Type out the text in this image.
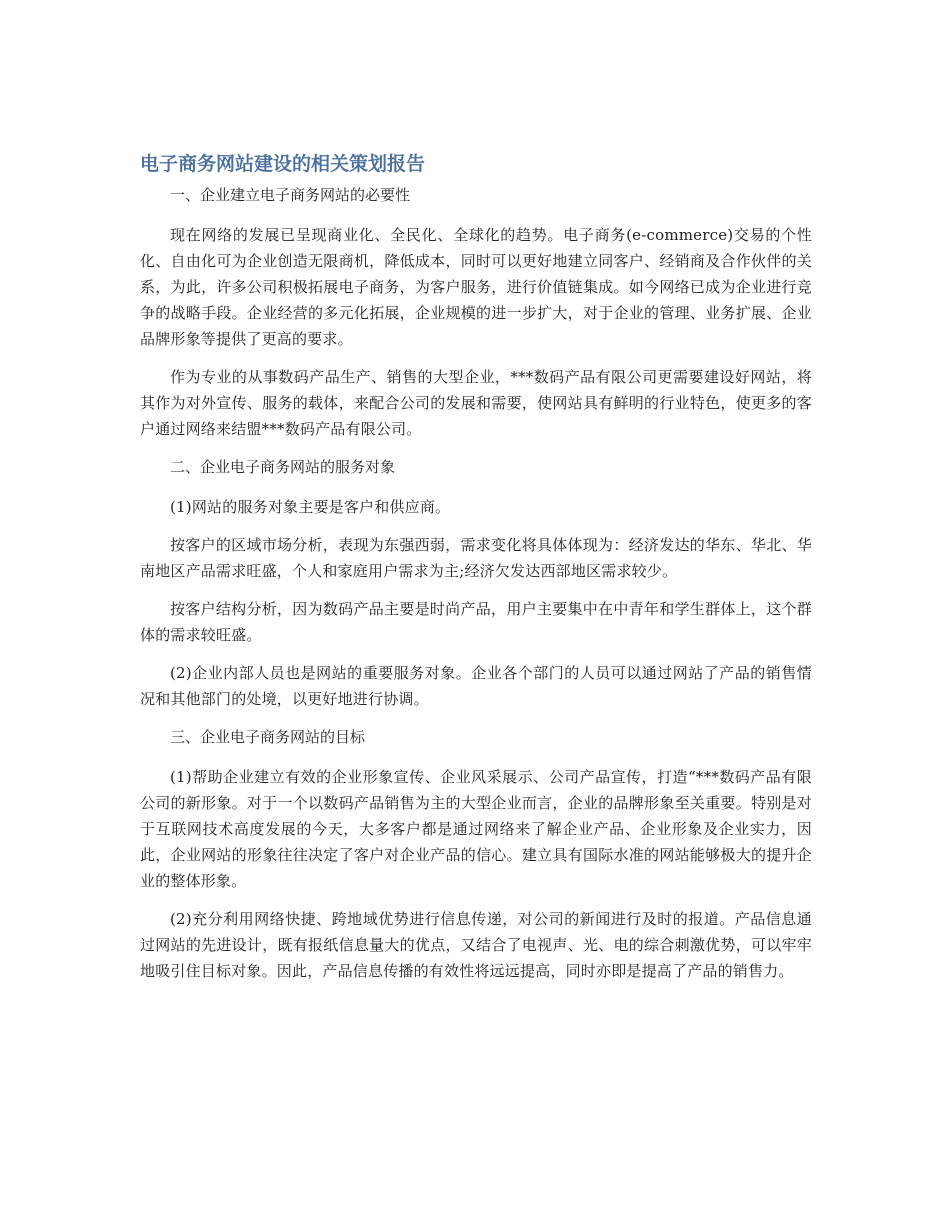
电子商务网站建设的相关策划报告

一、企业建立电子商务网站的必要性

现在网络的发展已呈现商业化、全民化、全球化的趋势。电子商务(e-commerce)交易的个性化、自由化可为企业创造无限商机，降低成本，同时可以更好地建立同客户、经销商及合作伙伴的关系，为此，许多公司积极拓展电子商务，为客户服务，进行价值链集成。如今网络已成为企业进行竞争的战略手段。企业经营的多元化拓展，企业规模的进一步扩大，对于企业的管理、业务扩展、企业品牌形象等提供了更高的要求。

作为专业的从事数码产品生产、销售的大型企业，***数码产品有限公司更需要建设好网站，将其作为对外宣传、服务的载体，来配合公司的发展和需要，使网站具有鲜明的行业特色，使更多的客户通过网络来结盟***数码产品有限公司。

二、企业电子商务网站的服务对象

(1)网站的服务对象主要是客户和供应商。

按客户的区域市场分析，表现为东强西弱，需求变化将具体体现为：经济发达的华东、华北、华南地区产品需求旺盛，个人和家庭用户需求为主;经济欠发达西部地区需求较少。

按客户结构分析，因为数码产品主要是时尚产品，用户主要集中在中青年和学生群体上，这个群体的需求较旺盛。

(2)企业内部人员也是网站的重要服务对象。企业各个部门的人员可以通过网站了产品的销售情况和其他部门的处境，以更好地进行协调。

三、企业电子商务网站的目标

(1)帮助企业建立有效的企业形象宣传、企业风采展示、公司产品宣传，打造“***数码产品有限公司的新形象。对于一个以数码产品销售为主的大型企业而言，企业的品牌形象至关重要。特别是对于互联网技术高度发展的今天，大多客户都是通过网络来了解企业产品、企业形象及企业实力，因此，企业网站的形象往往决定了客户对企业产品的信心。建立具有国际水准的网站能够极大的提升企业的整体形象。

(2)充分利用网络快捷、跨地域优势进行信息传递，对公司的新闻进行及时的报道。产品信息通过网站的先进设计，既有报纸信息量大的优点，又结合了电视声、光、电的综合刺激优势，可以牢牢地吸引住目标对象。因此，产品信息传播的有效性将远远提高，同时亦即是提高了产品的销售力。
